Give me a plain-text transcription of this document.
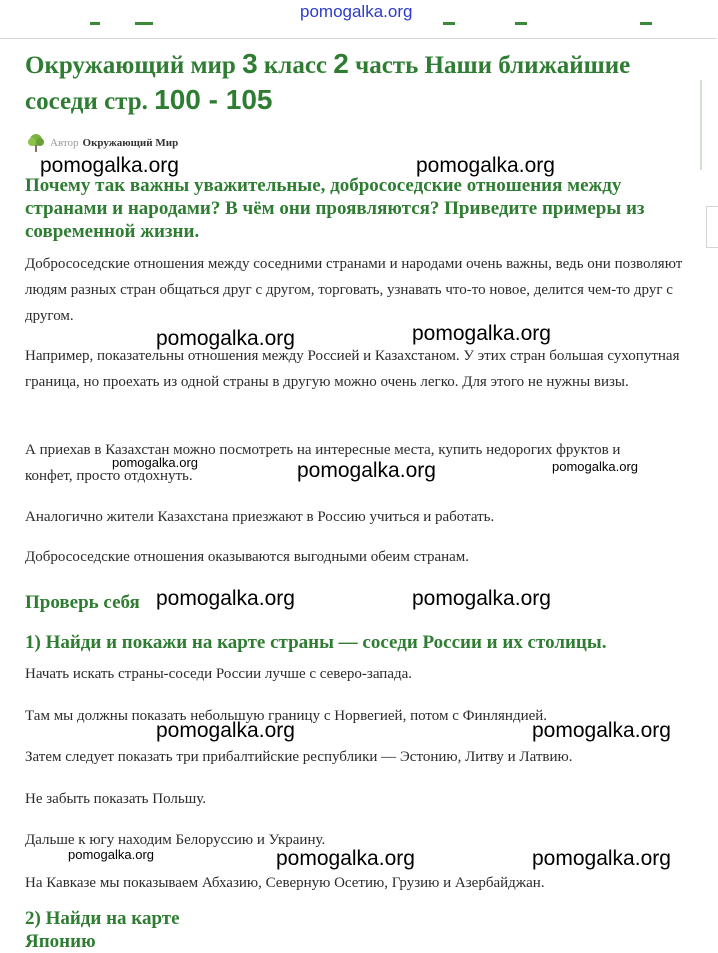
pomogalka.org
Окружающий мир 3 класс 2 часть Наши ближайшие соседи стр. 100 - 105
Автор Окружающий Мир
Почему так важны уважительные, добрососедские отношения между странами и народами? В чём они проявляются? Приведите примеры из современной жизни.

Добрососедские отношения между соседними странами и народами очень важны, ведь они позволяют людям разных стран общаться друг с другом, торговать, узнавать что-то новое, делится чем-то друг с другом.

Например, показательны отношения между Россией и Казахстаном. У этих стран большая сухопутная граница, но проехать из одной страны в другую можно очень легко. Для этого не нужны визы.

А приехав в Казахстан можно посмотреть на интересные места, купить недорогих фруктов и конфет, просто отдохнуть.

Аналогично жители Казахстана приезжают в Россию учиться и работать.

Добрососедские отношения оказываются выгодными обеим странам.

Проверь себя
1) Найди и покажи на карте страны — соседи России и их столицы.

Начать искать страны-соседи России лучше с северо-запада.

Там мы должны показать небольшую границу с Норвегией, потом с Финляндией.

Затем следует показать три прибалтийские республики — Эстонию, Литву и Латвию.

Не забыть показать Польшу.

Дальше к югу находим Белоруссию и Украину.

На Кавказе мы показываем Абхазию, Северную Осетию, Грузию и Азербайджан.

2) Найди на карте Японию
pomogalka.org	pomogalka.org
pomogalka.org	pomogalka.org
pomogalka.org	pomogalka.org	pomogalka.org
pomogalka.org	pomogalka.org
pomogalka.org	pomogalka.org
pomogalka.org	pomogalka.org	pomogalka.org
